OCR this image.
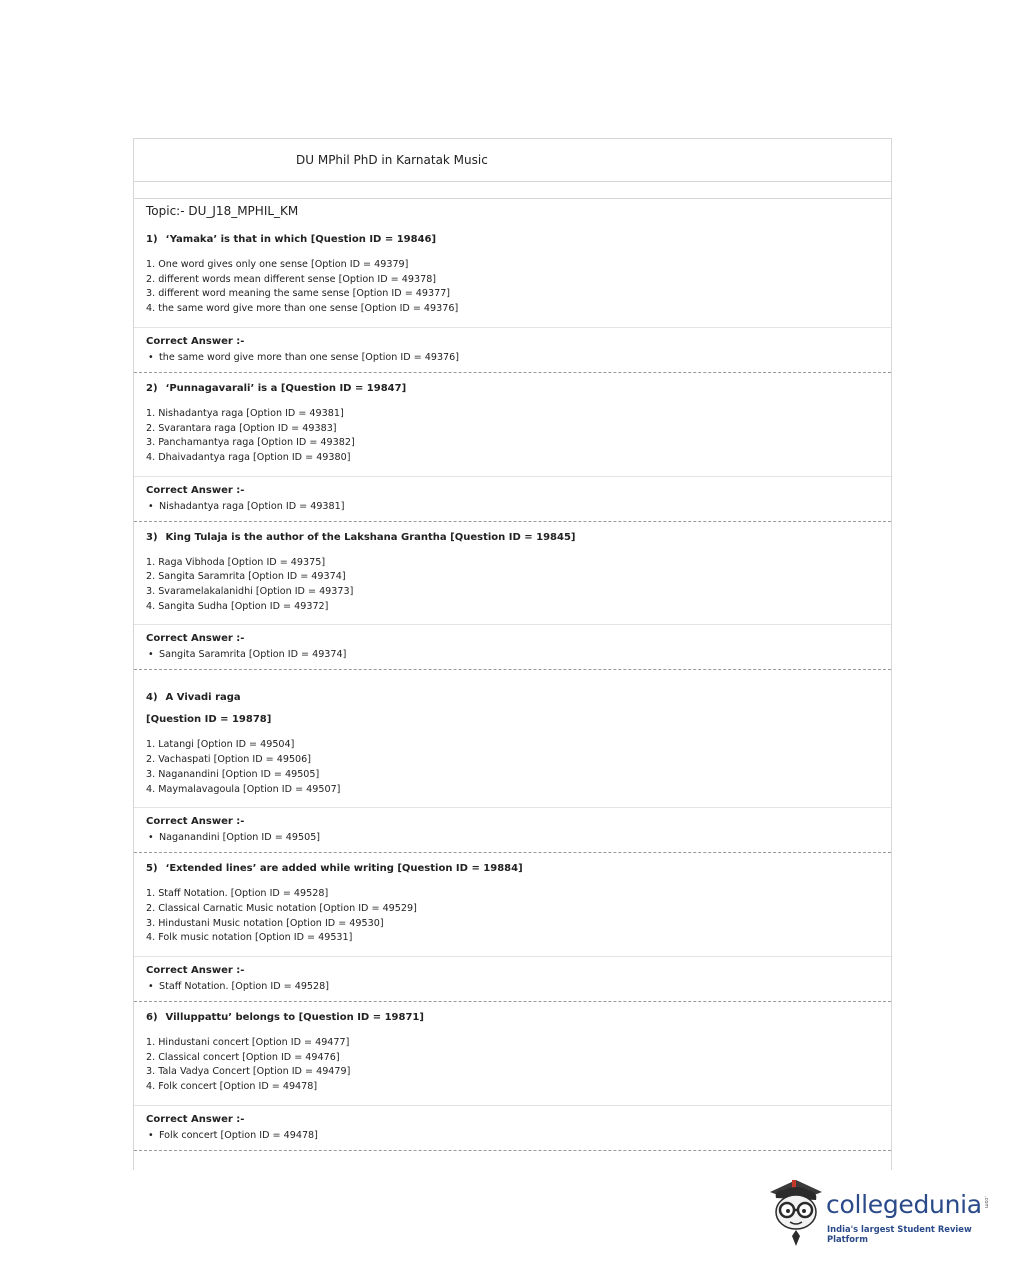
DU MPhil PhD in Karnatak Music
Topic:- DU_J18_MPHIL_KM
1) ‘Yamaka’ is that in which [Question ID = 19846]
1. One word gives only one sense [Option ID = 49379]
2. different words mean different sense [Option ID = 49378]
3. different word meaning the same sense [Option ID = 49377]
4. the same word give more than one sense [Option ID = 49376]
Correct Answer :-
• the same word give more than one sense [Option ID = 49376]
2) ‘Punnagavarali’ is a [Question ID = 19847]
1. Nishadantya raga [Option ID = 49381]
2. Svarantara raga [Option ID = 49383]
3. Panchamantya raga [Option ID = 49382]
4. Dhaivadantya raga [Option ID = 49380]
Correct Answer :-
• Nishadantya raga [Option ID = 49381]
3) King Tulaja is the author of the Lakshana Grantha [Question ID = 19845]
1. Raga Vibhoda [Option ID = 49375]
2. Sangita Saramrita [Option ID = 49374]
3. Svaramelakalanidhi [Option ID = 49373]
4. Sangita Sudha [Option ID = 49372]
Correct Answer :-
• Sangita Saramrita [Option ID = 49374]
4) A Vivadi raga
[Question ID = 19878]
1. Latangi [Option ID = 49504]
2. Vachaspati [Option ID = 49506]
3. Naganandini [Option ID = 49505]
4. Maymalavagoula [Option ID = 49507]
Correct Answer :-
• Naganandini [Option ID = 49505]
5) ‘Extended lines’ are added while writing [Question ID = 19884]
1. Staff Notation. [Option ID = 49528]
2. Classical Carnatic Music notation [Option ID = 49529]
3. Hindustani Music notation [Option ID = 49530]
4. Folk music notation [Option ID = 49531]
Correct Answer :-
• Staff Notation. [Option ID = 49528]
6) Villuppattu’ belongs to [Question ID = 19871]
1. Hindustani concert [Option ID = 49477]
2. Classical concert [Option ID = 49476]
3. Tala Vadya Concert [Option ID = 49479]
4. Folk concert [Option ID = 49478]
Correct Answer :-
• Folk concert [Option ID = 49478]
collegedunia .com
India's largest Student Review Platform
